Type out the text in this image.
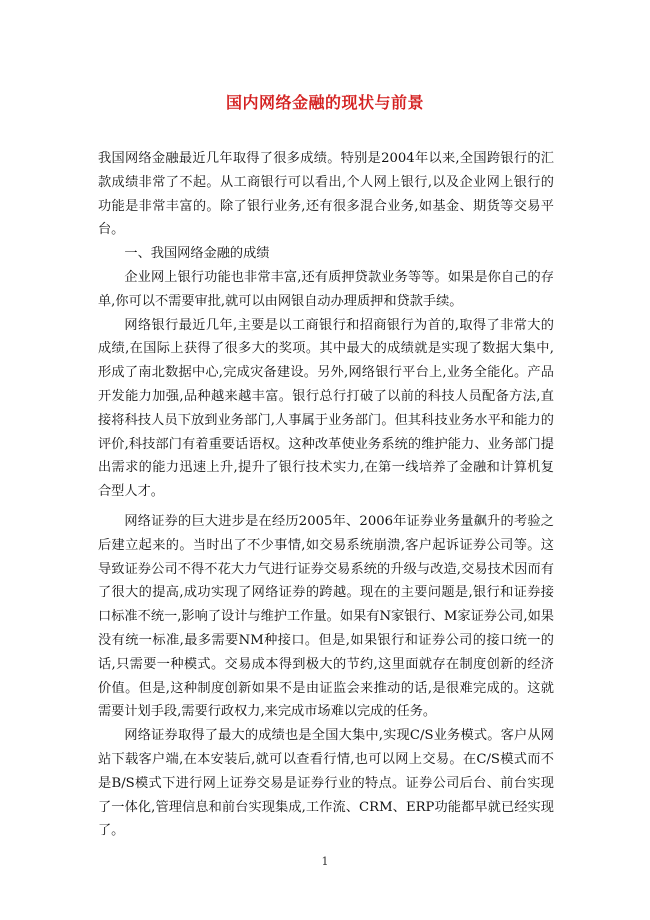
国内网络金融的现状与前景

我国网络金融最近几年取得了很多成绩。特别是2004年以来,全国跨银行的汇款成绩非常了不起。从工商银行可以看出,个人网上银行,以及企业网上银行的功能是非常丰富的。除了银行业务,还有很多混合业务,如基金、期货等交易平台。

一、我国网络金融的成绩

企业网上银行功能也非常丰富,还有质押贷款业务等等。如果是你自己的存单,你可以不需要审批,就可以由网银自动办理质押和贷款手续。

网络银行最近几年,主要是以工商银行和招商银行为首的,取得了非常大的成绩,在国际上获得了很多大的奖项。其中最大的成绩就是实现了数据大集中,形成了南北数据中心,完成灾备建设。另外,网络银行平台上,业务全能化。产品开发能力加强,品种越来越丰富。银行总行打破了以前的科技人员配备方法,直接将科技人员下放到业务部门,人事属于业务部门。但其科技业务水平和能力的评价,科技部门有着重要话语权。这种改革使业务系统的维护能力、业务部门提出需求的能力迅速上升,提升了银行技术实力,在第一线培养了金融和计算机复合型人才。

网络证券的巨大进步是在经历2005年、2006年证券业务量飙升的考验之后建立起来的。当时出了不少事情,如交易系统崩溃,客户起诉证券公司等。这导致证券公司不得不花大力气进行证券交易系统的升级与改造,交易技术因而有了很大的提高,成功实现了网络证券的跨越。现在的主要问题是,银行和证券接口标准不统一,影响了设计与维护工作量。如果有N家银行、M家证券公司,如果没有统一标准,最多需要NM种接口。但是,如果银行和证券公司的接口统一的话,只需要一种模式。交易成本得到极大的节约,这里面就存在制度创新的经济价值。但是,这种制度创新如果不是由证监会来推动的话,是很难完成的。这就需要计划手段,需要行政权力,来完成市场难以完成的任务。

网络证券取得了最大的成绩也是全国大集中,实现C/S业务模式。客户从网站下载客户端,在本安装后,就可以查看行情,也可以网上交易。在C/S模式而不是B/S模式下进行网上证券交易是证券行业的特点。证券公司后台、前台实现了一体化,管理信息和前台实现集成,工作流、CRM、ERP功能都早就已经实现了。

1
